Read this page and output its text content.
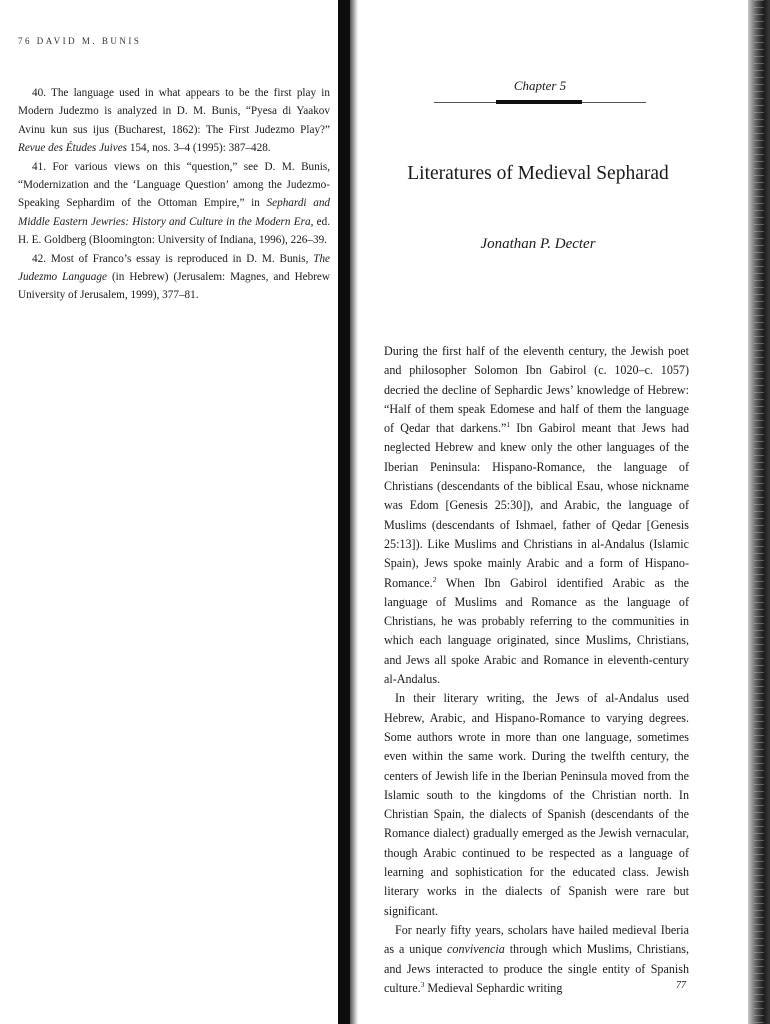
76 DAVID M. BUNIS

40. The language used in what appears to be the first play in Modern Judezmo is analyzed in D. M. Bunis, “Pyesa di Yaakov Avinu kun sus ijus (Bucharest, 1862): The First Judezmo Play?” Revue des Études Juives 154, nos. 3–4 (1995): 387–428.

41. For various views on this “question,” see D. M. Bunis, “Modernization and the ‘Language Question’ among the Judezmo-Speaking Sephardim of the Ottoman Empire,” in Sephardi and Middle Eastern Jewries: History and Culture in the Modern Era, ed. H. E. Goldberg (Bloomington: University of Indiana, 1996), 226–39.

42. Most of Franco’s essay is reproduced in D. M. Bunis, The Judezmo Language (in Hebrew) (Jerusalem: Magnes, and Hebrew University of Jerusalem, 1999), 377–81.

Chapter 5
Literatures of Medieval Sepharad
Jonathan P. Decter

During the first half of the eleventh century, the Jewish poet and philosopher Solomon Ibn Gabirol (c. 1020–c. 1057) decried the decline of Sephardic Jews’ knowledge of Hebrew: “Half of them speak Edomese and half of them the language of Qedar that darkens.”$^1$ Ibn Gabirol meant that Jews had neglected Hebrew and knew only the other languages of the Iberian Peninsula: Hispano-Romance, the language of Christians (descendants of the biblical Esau, whose nickname was Edom [Genesis 25:30]), and Arabic, the language of Muslims (descendants of Ishmael, father of Qedar [Genesis 25:13]). Like Muslims and Christians in al-Andalus (Islamic Spain), Jews spoke mainly Arabic and a form of Hispano-Romance.$^2$ When Ibn Gabirol identified Arabic as the language of Muslims and Romance as the language of Christians, he was probably referring to the communities in which each language originated, since Muslims, Christians, and Jews all spoke Arabic and Romance in eleventh-century al-Andalus.

In their literary writing, the Jews of al-Andalus used Hebrew, Arabic, and Hispano-Romance to varying degrees. Some authors wrote in more than one language, sometimes even within the same work. During the twelfth century, the centers of Jewish life in the Iberian Peninsula moved from the Islamic south to the kingdoms of the Christian north. In Christian Spain, the dialects of Spanish (descendants of the Romance dialect) gradually emerged as the Jewish vernacular, though Arabic continued to be respected as a language of learning and sophistication for the educated class. Jewish literary works in the dialects of Spanish were rare but significant.

For nearly fifty years, scholars have hailed medieval Iberia as a unique convivencia through which Muslims, Christians, and Jews interacted to produce the single entity of Spanish culture.$^3$ Medieval Sephardic writing	77
